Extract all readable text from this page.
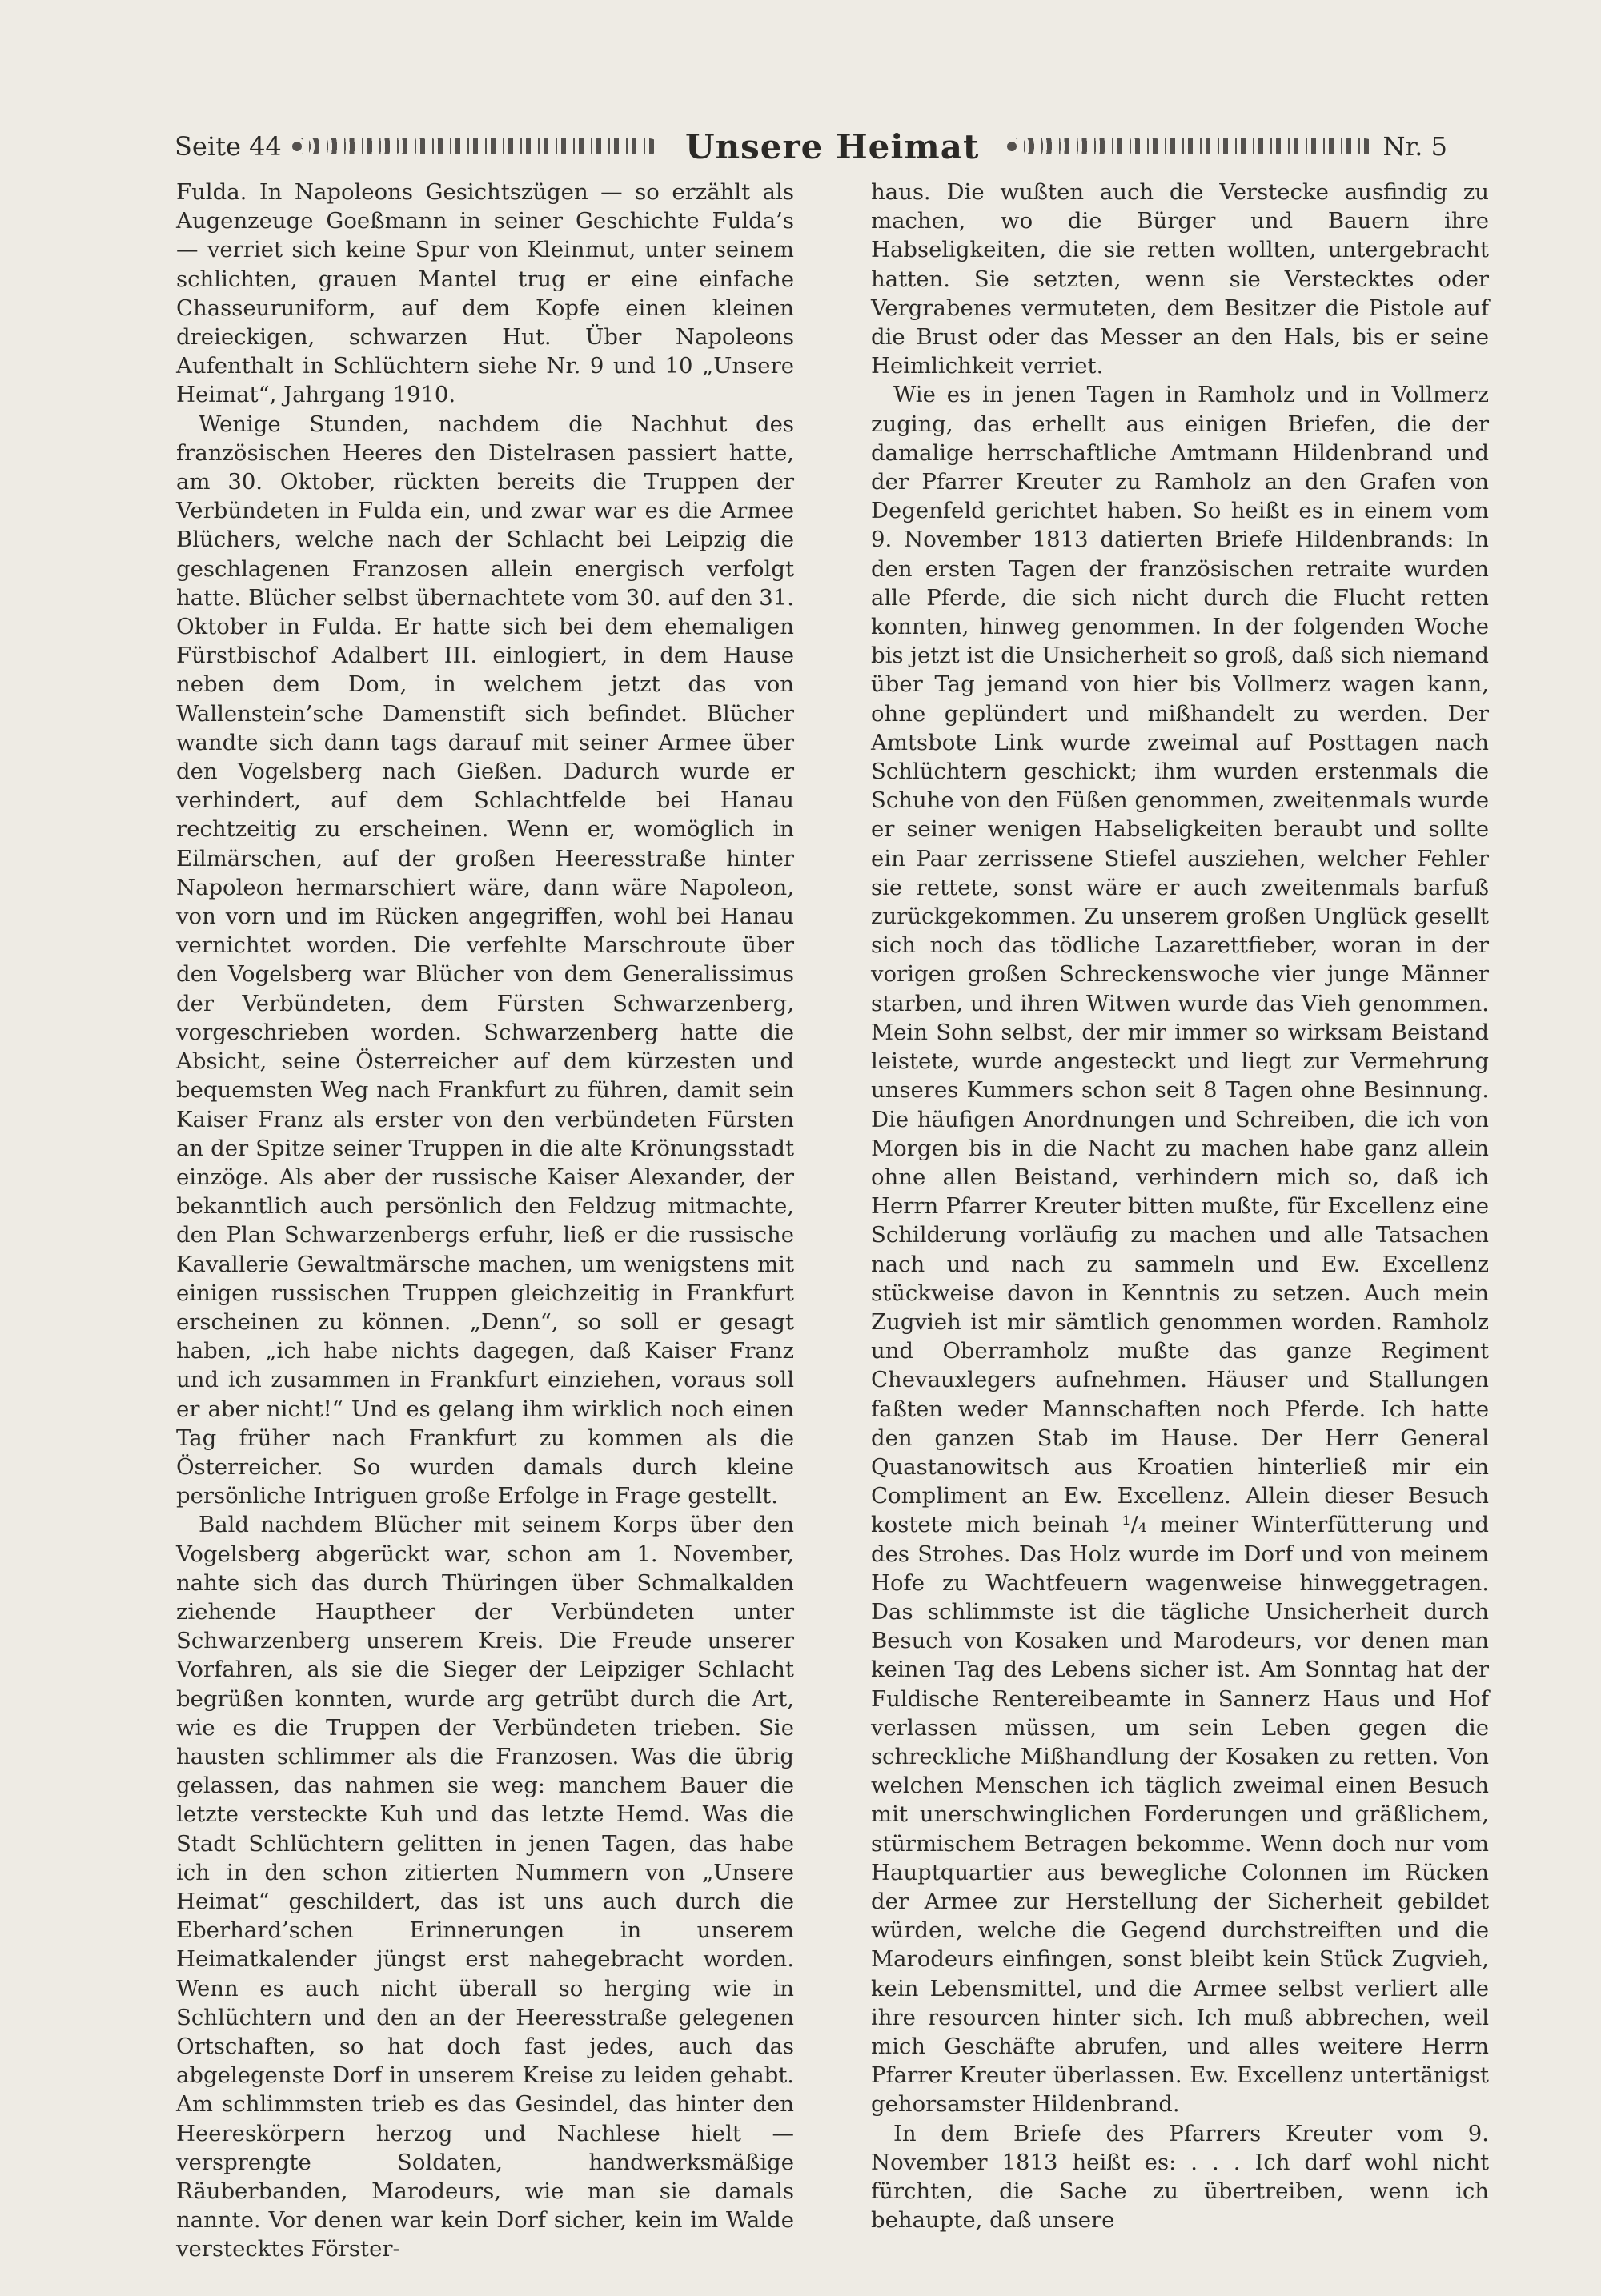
Seite 44	Unsere Heimat	Nr. 5

Fulda. In Napoleons Gesichtszügen — so erzählt als Augenzeuge Goeßmann in seiner Geschichte Fulda’s — verriet sich keine Spur von Kleinmut, unter seinem schlichten, grauen Mantel trug er eine einfache Chasseuruniform, auf dem Kopfe einen kleinen dreieckigen, schwarzen Hut. Über Napoleons Aufenthalt in Schlüchtern siehe Nr. 9 und 10 „Unsere Heimat“, Jahrgang 1910.

Wenige Stunden, nachdem die Nachhut des französischen Heeres den Distelrasen passiert hatte, am 30. Oktober, rückten bereits die Truppen der Verbündeten in Fulda ein, und zwar war es die Armee Blüchers, welche nach der Schlacht bei Leipzig die geschlagenen Franzosen allein energisch verfolgt hatte. Blücher selbst übernachtete vom 30. auf den 31. Oktober in Fulda. Er hatte sich bei dem ehemaligen Fürstbischof Adalbert III. einlogiert, in dem Hause neben dem Dom, in welchem jetzt das von Wallenstein’sche Damenstift sich befindet. Blücher wandte sich dann tags darauf mit seiner Armee über den Vogelsberg nach Gießen. Dadurch wurde er verhindert, auf dem Schlachtfelde bei Hanau rechtzeitig zu erscheinen. Wenn er, womöglich in Eilmärschen, auf der großen Heeresstraße hinter Napoleon hermarschiert wäre, dann wäre Napoleon, von vorn und im Rücken angegriffen, wohl bei Hanau vernichtet worden. Die verfehlte Marschroute über den Vogelsberg war Blücher von dem Generalissimus der Verbündeten, dem Fürsten Schwarzenberg, vorgeschrieben worden. Schwarzenberg hatte die Absicht, seine Österreicher auf dem kürzesten und bequemsten Weg nach Frankfurt zu führen, damit sein Kaiser Franz als erster von den verbündeten Fürsten an der Spitze seiner Truppen in die alte Krönungsstadt einzöge. Als aber der russische Kaiser Alexander, der bekanntlich auch persönlich den Feldzug mitmachte, den Plan Schwarzenbergs erfuhr, ließ er die russische Kavallerie Gewaltmärsche machen, um wenigstens mit einigen russischen Truppen gleichzeitig in Frankfurt erscheinen zu können. „Denn“, so soll er gesagt haben, „ich habe nichts dagegen, daß Kaiser Franz und ich zusammen in Frankfurt einziehen, voraus soll er aber nicht!“ Und es gelang ihm wirklich noch einen Tag früher nach Frankfurt zu kommen als die Österreicher. So wurden damals durch kleine persönliche Intriguen große Erfolge in Frage gestellt.

Bald nachdem Blücher mit seinem Korps über den Vogelsberg abgerückt war, schon am 1. November, nahte sich das durch Thüringen über Schmalkalden ziehende Hauptheer der Verbündeten unter Schwarzenberg unserem Kreis. Die Freude unserer Vorfahren, als sie die Sieger der Leipziger Schlacht begrüßen konnten, wurde arg getrübt durch die Art, wie es die Truppen der Verbündeten trieben. Sie hausten schlimmer als die Franzosen. Was die übrig gelassen, das nahmen sie weg: manchem Bauer die letzte versteckte Kuh und das letzte Hemd. Was die Stadt Schlüchtern gelitten in jenen Tagen, das habe ich in den schon zitierten Nummern von „Unsere Heimat“ geschildert, das ist uns auch durch die Eberhard’schen Erinnerungen in unserem Heimatkalender jüngst erst nahegebracht worden. Wenn es auch nicht überall so herging wie in Schlüchtern und den an der Heeresstraße gelegenen Ortschaften, so hat doch fast jedes, auch das abgelegenste Dorf in unserem Kreise zu leiden gehabt. Am schlimmsten trieb es das Gesindel, das hinter den Heereskörpern herzog und Nachlese hielt — versprengte Soldaten, handwerksmäßige Räuberbanden, Marodeurs, wie man sie damals nannte. Vor denen war kein Dorf sicher, kein im Walde verstecktes Förster-

haus. Die wußten auch die Verstecke ausfindig zu machen, wo die Bürger und Bauern ihre Habseligkeiten, die sie retten wollten, untergebracht hatten. Sie setzten, wenn sie Verstecktes oder Vergrabenes vermuteten, dem Besitzer die Pistole auf die Brust oder das Messer an den Hals, bis er seine Heimlichkeit verriet.

Wie es in jenen Tagen in Ramholz und in Vollmerz zuging, das erhellt aus einigen Briefen, die der damalige herrschaftliche Amtmann Hildenbrand und der Pfarrer Kreuter zu Ramholz an den Grafen von Degenfeld gerichtet haben. So heißt es in einem vom 9. November 1813 datierten Briefe Hildenbrands: In den ersten Tagen der französischen retraite wurden alle Pferde, die sich nicht durch die Flucht retten konnten, hinweg genommen. In der folgenden Woche bis jetzt ist die Unsicherheit so groß, daß sich niemand über Tag jemand von hier bis Vollmerz wagen kann, ohne geplündert und mißhandelt zu werden. Der Amtsbote Link wurde zweimal auf Posttagen nach Schlüchtern geschickt; ihm wurden erstenmals die Schuhe von den Füßen genommen, zweitenmals wurde er seiner wenigen Habseligkeiten beraubt und sollte ein Paar zerrissene Stiefel ausziehen, welcher Fehler sie rettete, sonst wäre er auch zweitenmals barfuß zurückgekommen. Zu unserem großen Unglück gesellt sich noch das tödliche Lazarettfieber, woran in der vorigen großen Schreckenswoche vier junge Männer starben, und ihren Witwen wurde das Vieh genommen. Mein Sohn selbst, der mir immer so wirksam Beistand leistete, wurde angesteckt und liegt zur Vermehrung unseres Kummers schon seit 8 Tagen ohne Besinnung. Die häufigen Anordnungen und Schreiben, die ich von Morgen bis in die Nacht zu machen habe ganz allein ohne allen Beistand, verhindern mich so, daß ich Herrn Pfarrer Kreuter bitten mußte, für Excellenz eine Schilderung vorläufig zu machen und alle Tatsachen nach und nach zu sammeln und Ew. Excellenz stückweise davon in Kenntnis zu setzen. Auch mein Zugvieh ist mir sämtlich genommen worden. Ramholz und Oberramholz mußte das ganze Regiment Chevauxlegers aufnehmen. Häuser und Stallungen faßten weder Mannschaften noch Pferde. Ich hatte den ganzen Stab im Hause. Der Herr General Quastanowitsch aus Kroatien hinterließ mir ein Compliment an Ew. Excellenz. Allein dieser Besuch kostete mich beinah ¹/₄ meiner Winterfütterung und des Strohes. Das Holz wurde im Dorf und von meinem Hofe zu Wachtfeuern wagenweise hinweggetragen. Das schlimmste ist die tägliche Unsicherheit durch Besuch von Kosaken und Marodeurs, vor denen man keinen Tag des Lebens sicher ist. Am Sonntag hat der Fuldische Rentereibeamte in Sannerz Haus und Hof verlassen müssen, um sein Leben gegen die schreckliche Mißhandlung der Kosaken zu retten. Von welchen Menschen ich täglich zweimal einen Besuch mit unerschwinglichen Forderungen und gräßlichem, stürmischem Betragen bekomme. Wenn doch nur vom Hauptquartier aus bewegliche Colonnen im Rücken der Armee zur Herstellung der Sicherheit gebildet würden, welche die Gegend durchstreiften und die Marodeurs einfingen, sonst bleibt kein Stück Zugvieh, kein Lebensmittel, und die Armee selbst verliert alle ihre resourcen hinter sich. Ich muß abbrechen, weil mich Geschäfte abrufen, und alles weitere Herrn Pfarrer Kreuter überlassen. Ew. Excellenz untertänigst gehorsamster Hildenbrand.

In dem Briefe des Pfarrers Kreuter vom 9. November 1813 heißt es: . . . Ich darf wohl nicht fürchten, die Sache zu übertreiben, wenn ich behaupte, daß unsere
